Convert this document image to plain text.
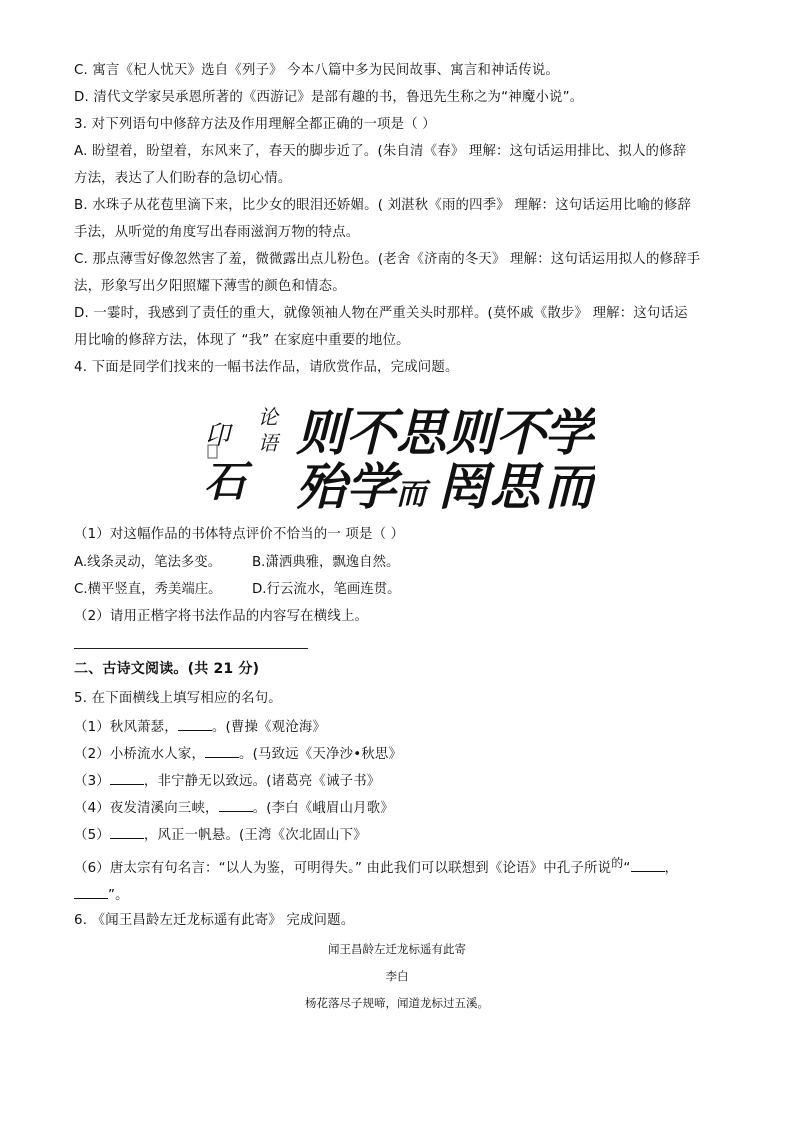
C. 寓言《杞人忧天》选自《列子》 今本八篇中多为民间故事、寓言和神话传说。
D. 清代文学家吴承恩所著的《西游记》是部有趣的书，鲁迅先生称之为“神魔小说”。
3. 对下列语句中修辞方法及作用理解全都正确的一项是（ ）
A. 盼望着，盼望着，东风来了，春天的脚步近了。(朱自清《春》 理解：这句话运用排比、拟人的修辞
方法，表达了人们盼春的急切心情。
B. 水珠子从花苞里滴下来，比少女的眼泪还娇媚。( 刘湛秋《雨的四季》 理解：这句话运用比喻的修辞
手法，从听觉的角度写出春雨滋润万物的特点。
C. 那点薄雪好像忽然害了羞，微微露出点儿粉色。(老舍《济南的冬天》 理解：这句话运用拟人的修辞手
法，形象写出夕阳照耀下薄雪的颜色和情态。
D. 一霎时，我感到了责任的重大，就像领袖人物在严重关头时那样。(莫怀戚《散步》 理解：这句话运
用比喻的修辞方法，体现了 “我” 在家庭中重要的地位。
4. 下面是同学们找来的一幅书法作品，请欣赏作品，完成问题。
论
语
卬
石
则 不 思 则 不
学
殆 学 而 罔 思 而
（1）对这幅作品的书体特点评价不恰当的一 项是（ ）
A.线条灵动，笔法多变。 B.潇洒典雅，飘逸自然。
C.横平竖直，秀美端庄。 D.行云流水，笔画连贯。
（2）请用正楷字将书法作品的内容写在横线上。
二、古诗文阅读。(共 21 分)
5. 在下面横线上填写相应的名句。
（1）秋风萧瑟，	。(曹操《观沧海》
（2）小桥流水人家，	。(马致远《天净沙•秋思》
（3）	，非宁静无以致远。(诸葛亮《诫子书》
（4）夜发清溪向三峡，	。(李白《峨眉山月歌》
（5）	，风正一帆悬。(王湾《次北固山下》
（6）唐太宗有句名言：“以人为鉴，可明得失。” 由此我们可以联想到《论语》中孔子所说的“	，
”。
6. 《闻王昌龄左迁龙标遥有此寄》 完成问题。
闻王昌龄左迁龙标遥有此寄
李白
杨花落尽子规啼，闻道龙标过五溪。
